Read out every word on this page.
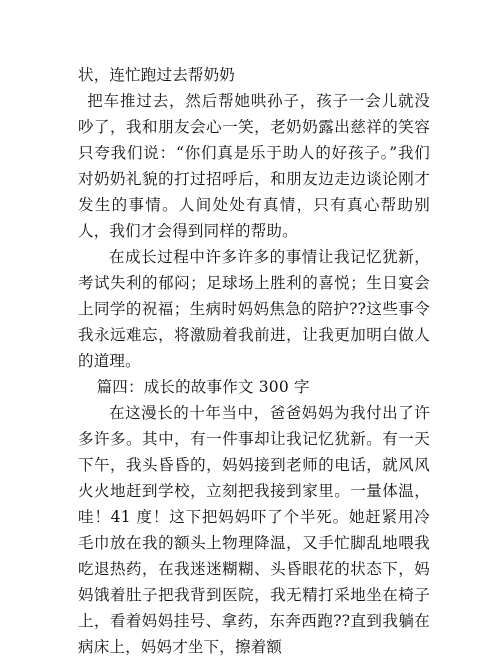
状，连忙跑过去帮奶奶

把车推过去，然后帮她哄孙子，孩子一会儿就没吵了，我和朋友会心一笑，老奶奶露出慈祥的笑容只夸我们说：“你们真是乐于助人的好孩子。”我们对奶奶礼貌的打过招呼后，和朋友边走边谈论刚才发生的事情。人间处处有真情，只有真心帮助别人，我们才会得到同样的帮助。

在成长过程中许多许多的事情让我记忆犹新，考试失利的郁闷；足球场上胜利的喜悦；生日宴会上同学的祝福；生病时妈妈焦急的陪护??这些事令我永远难忘，将激励着我前进，让我更加明白做人的道理。

篇四：成长的故事作文 300 字

在这漫长的十年当中，爸爸妈妈为我付出了许多许多。其中，有一件事却让我记忆犹新。有一天下午，我头昏昏的，妈妈接到老师的电话，就风风火火地赶到学校，立刻把我接到家里。一量体温，哇！41 度！这下把妈妈吓了个半死。她赶紧用冷毛巾放在我的额头上物理降温，又手忙脚乱地喂我吃退热药，在我迷迷糊糊、头昏眼花的状态下，妈妈饿着肚子把我背到医院，我无精打采地坐在椅子上，看着妈妈挂号、拿药，东奔西跑??直到我躺在病床上，妈妈才坐下，擦着额
